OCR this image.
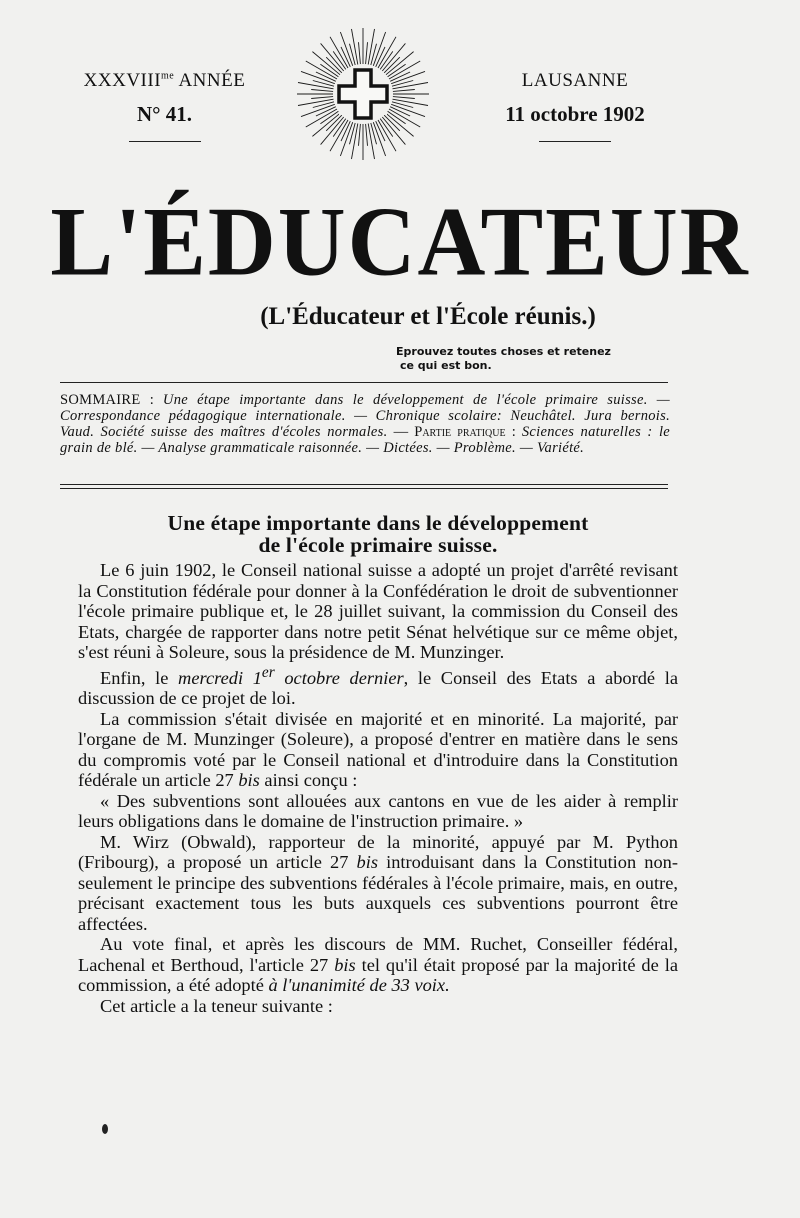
$XXXVIII^{me}$ ANNÉE
N° 41.
LAUSANNE
11 octobre 1902
L'ÉDUCATEUR
(L'Éducateur et l'École réunis.)
Eprouvez toutes choses et retenez
ce qui est bon.
SOMMAIRE : Une étape importante dans le développement de l'école primaire suisse. — Correspondance pédagogique internationale. — Chronique scolaire: Neuchâtel. Jura bernois. Vaud. Société suisse des maîtres d'écoles normales. — Partie pratique : Sciences naturelles : le grain de blé. — Analyse grammaticale raisonnée. — Dictées. — Problème. — Variété.
Une étape importante dans le développement
de l'école primaire suisse.

Le 6 juin 1902, le Conseil national suisse a adopté un projet d'arrêté revisant la Constitution fédérale pour donner à la Confédération le droit de subventionner l'école primaire publique et, le 28 juillet suivant, la commission du Conseil des Etats, chargée de rapporter dans notre petit Sénat helvétique sur ce même objet, s'est réuni à Soleure, sous la présidence de M. Munzinger.

Enfin, le mercredi 1er octobre dernier, le Conseil des Etats a abordé la discussion de ce projet de loi.

La commission s'était divisée en majorité et en minorité. La majorité, par l'organe de M. Munzinger (Soleure), a proposé d'entrer en matière dans le sens du compromis voté par le Conseil national et d'introduire dans la Constitution fédérale un article 27 bis ainsi conçu :

« Des subventions sont allouées aux cantons en vue de les aider à remplir leurs obligations dans le domaine de l'instruction primaire. »

M. Wirz (Obwald), rapporteur de la minorité, appuyé par M. Python (Fribourg), a proposé un article 27 bis introduisant dans la Constitution non-seulement le principe des subventions fédérales à l'école primaire, mais, en outre, précisant exactement tous les buts auxquels ces subventions pourront être affectées.

Au vote final, et après les discours de MM. Ruchet, Conseiller fédéral, Lachenal et Berthoud, l'article 27 bis tel qu'il était proposé par la majorité de la commission, a été adopté à l'unanimité de 33 voix.

Cet article a la teneur suivante :
